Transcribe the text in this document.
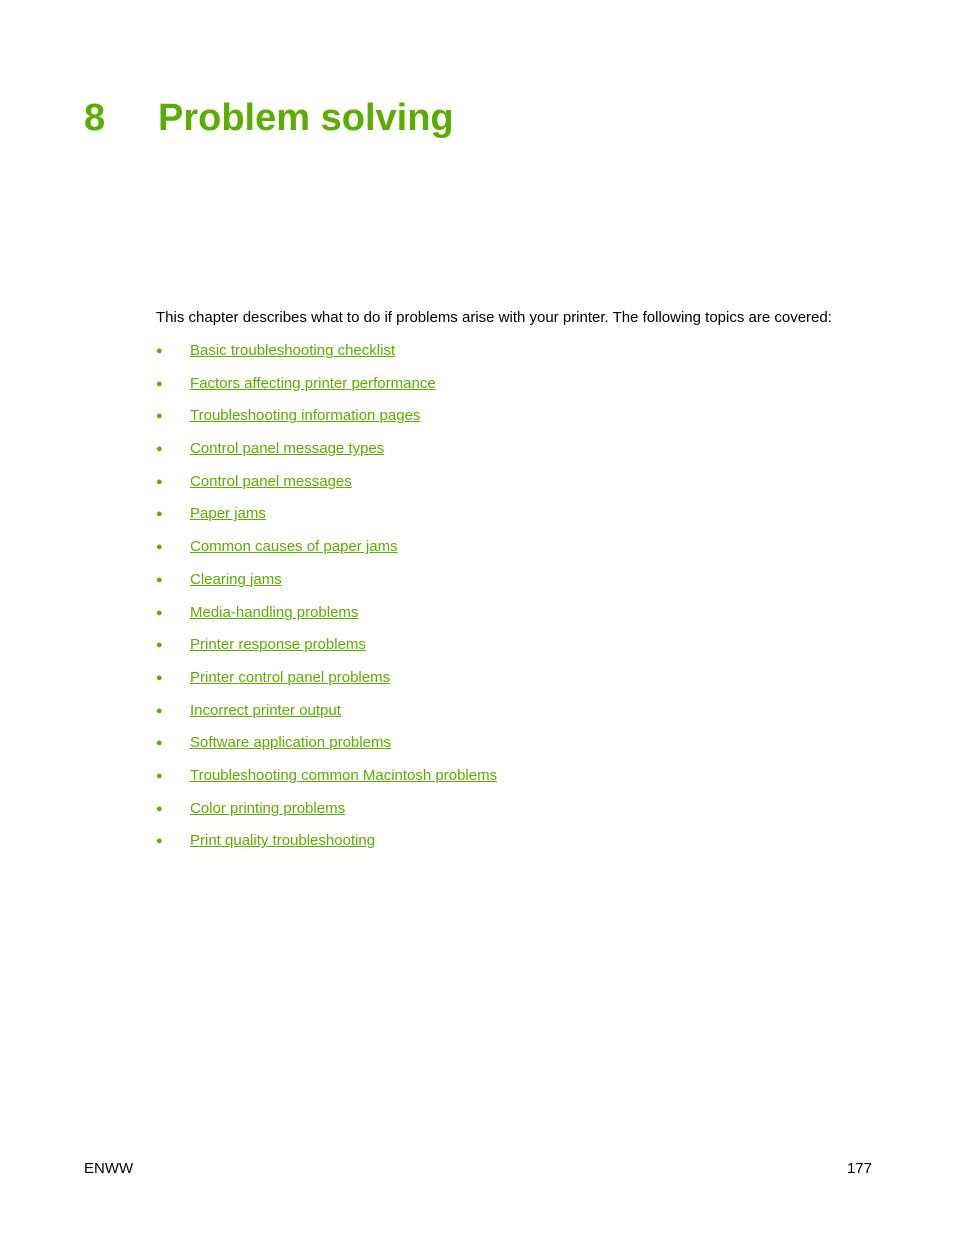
8	Problem solving

This chapter describes what to do if problems arise with your printer. The following topics are covered:

●	Basic troubleshooting checklist
●	Factors affecting printer performance
●	Troubleshooting information pages
●	Control panel message types
●	Control panel messages
●	Paper jams
●	Common causes of paper jams
●	Clearing jams
●	Media-handling problems
●	Printer response problems
●	Printer control panel problems
●	Incorrect printer output
●	Software application problems
●	Troubleshooting common Macintosh problems
●	Color printing problems
●	Print quality troubleshooting
ENWW	177
